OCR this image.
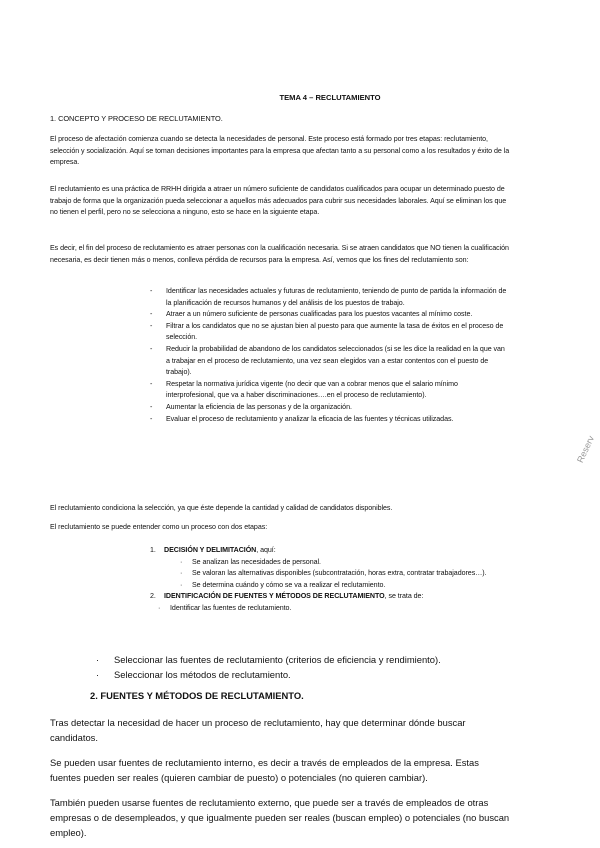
TEMA 4 – RECLUTAMIENTO
1. CONCEPTO Y PROCESO DE RECLUTAMIENTO.

El proceso de afectación comienza cuando se detecta la necesidades de personal. Este proceso está formado por tres etapas: reclutamiento, selección y socialización. Aquí se toman decisiones importantes para la empresa que afectan tanto a su personal como a los resultados y éxito de la empresa.

El reclutamiento es una práctica de RRHH dirigida a atraer un número suficiente de candidatos cualificados para ocupar un determinado puesto de trabajo de forma que la organización pueda seleccionar a aquellos más adecuados para cubrir sus necesidades laborales. Aquí se eliminan los que no tienen el perfil, pero no se selecciona a ninguno, esto se hace en la siguiente etapa.

Es decir, el fin del proceso de reclutamiento es atraer personas con la cualificación necesaria. Si se atraen candidatos que NO tienen la cualificación necesaria, es decir tienen más o menos, conlleva pérdida de recursos para la empresa. Así, vemos que los fines del reclutamiento son:

- Identificar las necesidades actuales y futuras de reclutamiento, teniendo de punto de partida la información de la planificación de recursos humanos y del análisis de los puestos de trabajo.
- Atraer a un número suficiente de personas cualificadas para los puestos vacantes al mínimo coste.
- Filtrar a los candidatos que no se ajustan bien al puesto para que aumente la tasa de éxitos en el proceso de selección.
- Reducir la probabilidad de abandono de los candidatos seleccionados (si se les dice la realidad en la que van a trabajar en el proceso de reclutamiento, una vez sean elegidos van a estar contentos con el puesto de trabajo).
- Respetar la normativa jurídica vigente (no decir que van a cobrar menos que el salario mínimo interprofesional, que va a haber discriminaciones….en el proceso de reclutamiento).
- Aumentar la eficiencia de las personas y de la organización.
- Evaluar el proceso de reclutamiento y analizar la eficacia de las fuentes y técnicas utilizadas.

El reclutamiento condiciona la selección, ya que éste depende la cantidad y calidad de candidatos disponibles.

El reclutamiento se puede entender como un proceso con dos etapas:

1. DECISIÓN Y DELIMITACIÓN, aquí:
· Se analizan las necesidades de personal.
· Se valoran las alternativas disponibles (subcontratación, horas extra, contratar trabajadores…).
· Se determina cuándo y cómo se va a realizar el reclutamiento.
2. IDENTIFICACIÓN DE FUENTES Y MÉTODOS DE RECLUTAMIENTO, se trata de:
· Identificar las fuentes de reclutamiento.
· Seleccionar las fuentes de reclutamiento (criterios de eficiencia y rendimiento).
· Seleccionar los métodos de reclutamiento.
2. FUENTES Y MÉTODOS DE RECLUTAMIENTO.

Tras detectar la necesidad de hacer un proceso de reclutamiento, hay que determinar dónde buscar candidatos.

Se pueden usar fuentes de reclutamiento interno, es decir a través de empleados de la empresa. Estas fuentes pueden ser reales (quieren cambiar de puesto) o potenciales (no quieren cambiar).

También pueden usarse fuentes de reclutamiento externo, que puede ser a través de empleados de otras empresas o de desempleados, y que igualmente pueden ser reales (buscan empleo) o potenciales (no buscan empleo).

Reserv
